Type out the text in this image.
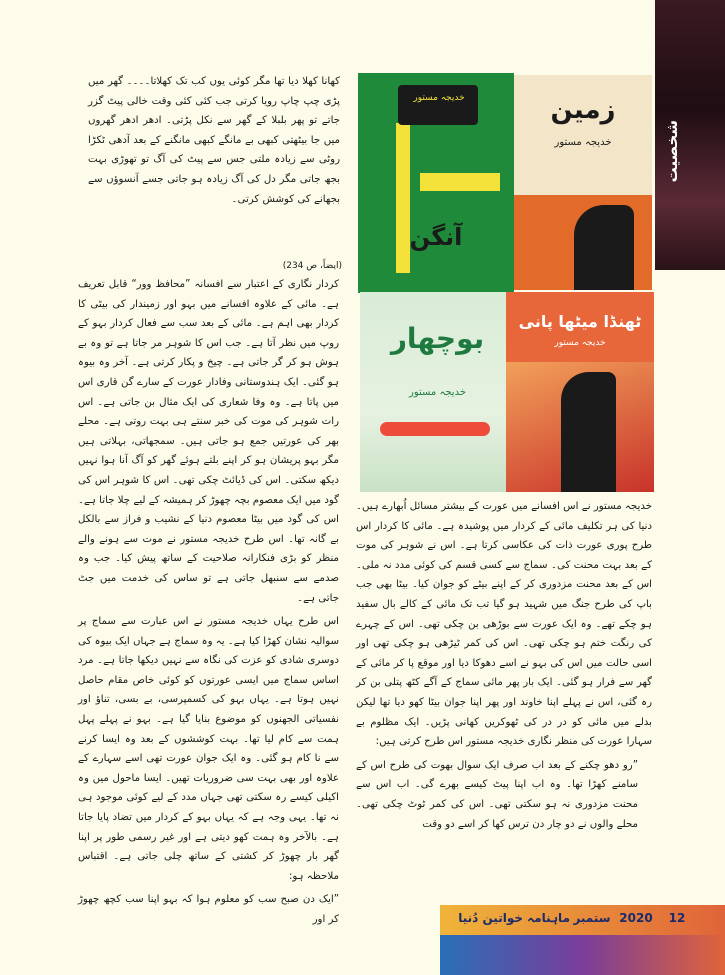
شخصیت
خدیجہ مستور
آنگن
زمین
خدیجہ مستور
بوچھار
خدیجہ مستور
ٹھنڈا میٹھا پانی
خدیجہ مستور

کھانا کھلا دیا تھا مگر کوئی یوں کب تک کھلاتا۔۔۔۔ گھر میں پڑی چپ چاپ رویا کرتی جب کئی کئی وقت خالی پیٹ گزر جاتے تو پھر بلبلا کے گھر سے نکل پڑتی۔ ادھر ادھر گھروں میں جا بیٹھتی کبھی بے مانگے کبھی مانگنے کے بعد آدھی ٹکڑا روٹی سے زیادہ ملتی جس سے پیٹ کی آگ تو تھوڑی بہت بجھ جاتی مگر دل کی آگ زیادہ ہو جاتی جسے آنسوؤں سے بجھانے کی کوشش کرتی۔

(ایضاً، ص 234)

کردار نگاری کے اعتبار سے افسانہ ”محافظ وور“ قابل تعریف ہے۔ مائی کے علاوہ افسانے میں بہو اور زمیندار کی بیٹی کا کردار بھی اہم ہے۔ مائی کے بعد سب سے فعال کردار بہو کے روپ میں نظر آتا ہے۔ جب اس کا شوہر مر جاتا ہے تو وہ بے ہوش ہو کر گر جاتی ہے۔ چیخ و پکار کرتی ہے۔ آخر وہ بیوہ ہو گئی۔ ایک ہندوستانی وفادار عورت کے سارے گن قاری اس میں پاتا ہے۔ وہ وفا شعاری کی ایک مثال بن جاتی ہے۔ اس رات شوہر کی موت کی خبر سنتے ہی بہت روتی ہے۔ محلے بھر کی عورتیں جمع ہو جاتی ہیں۔ سمجھاتی، بہلاتی ہیں مگر بہو پریشان ہو کر اپنے بلتے ہوئے گھر کو آگ آنا ہوا نہیں دیکھ سکتی۔ اس کی ڈیائٹ چکی تھی۔ اس کا شوہر اس کی گود میں ایک معصوم بچہ چھوڑ کر ہمیشہ کے لیے چلا جاتا ہے۔ اس کی گود میں بیٹا معصوم دنیا کے نشیب و فراز سے بالکل بے گانہ تھا۔ اس طرح خدیجہ مستور نے موت سے ہونے والے منظر کو بڑی فنکارانہ صلاحیت کے ساتھ پیش کیا۔ جب وہ صدمے سے سنبھل جاتی ہے تو ساس کی خدمت میں جٹ جاتی ہے۔

اس طرح یہاں خدیجہ مستور نے اس عبارت سے سماج پر سوالیہ نشان کھڑا کیا ہے۔ یہ وہ سماج ہے جہاں ایک بیوہ کی دوسری شادی کو عزت کی نگاہ سے نہیں دیکھا جاتا ہے۔ مرد اساس سماج میں ایسی عورتوں کو کوئی خاص مقام حاصل نہیں ہوتا ہے۔ یہاں بہو کی کسمپرسی، بے بسی، تناؤ اور نفسیاتی الجھنوں کو موضوع بنایا گیا ہے۔ بہو نے پہلے پہل ہمت سے کام لیا تھا۔ بہت کوششوں کے بعد وہ ایسا کرنے سے نا کام ہو گئی۔ وہ ایک جوان عورت تھی اسے سہارے کے علاوہ اور بھی بہت سی ضروریات تھیں۔ ایسا ماحول میں وہ اکیلی کیسے رہ سکتی تھی جہاں مدد کے لیے کوئی موجود ہی نہ تھا۔ یہی وجہ ہے کہ یہاں بہو کے کردار میں تضاد پایا جاتا ہے۔ بالآخر وہ ہمت کھو دیتی ہے اور غیر رسمی طور پر اپنا گھر بار چھوڑ کر کشتی کے ساتھ چلی جاتی ہے۔ اقتباس ملاحظہ ہو:

”ایک دن صبح سب کو معلوم ہوا کہ بہو اپنا سب کچھ چھوڑ کر اور

خدیجہ مستور نے اس افسانے میں عورت کے بیشتر مسائل اُبھارے ہیں۔ دنیا کی ہر تکلیف مائی کے کردار میں پوشیدہ ہے۔ مائی کا کردار اس طرح پوری عورت ذات کی عکاسی کرتا ہے۔ اس نے شوہر کی موت کے بعد بہت محنت کی۔ سماج سے کسی قسم کی کوئی مدد نہ ملی۔ اس کے بعد محنت مزدوری کر کے اپنے بیٹے کو جوان کیا۔ بیٹا بھی جب باپ کی طرح جنگ میں شہید ہو گیا تب تک مائی کے کالے بال سفید ہو چکے تھے۔ وہ ایک عورت سے بوڑھی بن چکی تھی۔ اس کے چہرے کی رنگت ختم ہو چکی تھی۔ اس کی کمر ٹیڑھی ہو چکی تھی اور اسی حالت میں اس کی بہو نے اسے دھوکا دیا اور موقع پا کر مائی کے گھر سے فرار ہو گئی۔ ایک بار پھر مائی سماج کے آگے کٹھ پتلی بن کر رہ گئی، اس نے پہلے اپنا خاوند اور پھر اپنا جوان بیٹا کھو دیا تھا لیکن بدلے میں مائی کو در در کی ٹھوکریں کھانی پڑیں۔ ایک مظلوم بے سہارا عورت کی منظر نگاری خدیجہ مستور اس طرح کرتی ہیں:

”رو دھو چکنے کے بعد اب صرف ایک سوال بھوت کی طرح اس کے سامنے کھڑا تھا۔ وہ اب اپنا پیٹ کیسے بھرے گی۔ اب اس سے محنت مزدوری نہ ہو سکتی تھی۔ اس کی کمر ٹوٹ چکی تھی۔ محلے والوں نے دو چار دن ترس کھا کر اسے دو وقت

ماہنامہ خواتین دُنیا ستمبر 2020	12
